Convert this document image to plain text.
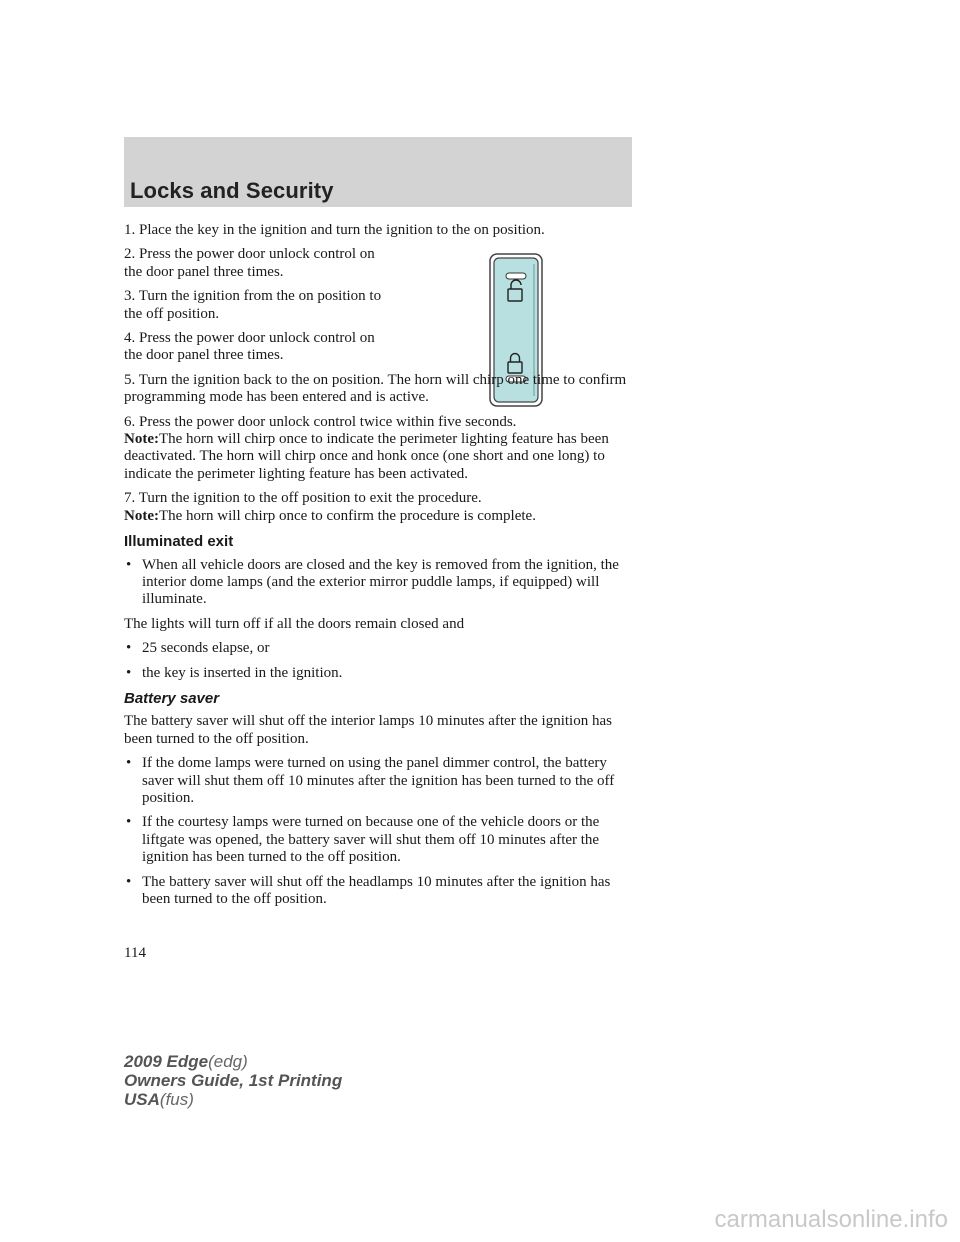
Locks and Security

1. Place the key in the ignition and turn the ignition to the on position.

2. Press the power door unlock control on the door panel three times.

3. Turn the ignition from the on position to the off position.

4. Press the power door unlock control on the door panel three times.

5. Turn the ignition back to the on position. The horn will chirp one time to confirm programming mode has been entered and is active.

6. Press the power door unlock control twice within five seconds.

Note:The horn will chirp once to indicate the perimeter lighting feature has been deactivated. The horn will chirp once and honk once (one short and one long) to indicate the perimeter lighting feature has been activated.

7. Turn the ignition to the off position to exit the procedure.

Note:The horn will chirp once to confirm the procedure is complete.

Illuminated exit
• When all vehicle doors are closed and the key is removed from the ignition, the interior dome lamps (and the exterior mirror puddle lamps, if equipped) will illuminate.

The lights will turn off if all the doors remain closed and

• 25 seconds elapse, or
• the key is inserted in the ignition.
Battery saver

The battery saver will shut off the interior lamps 10 minutes after the ignition has been turned to the off position.

• If the dome lamps were turned on using the panel dimmer control, the battery saver will shut them off 10 minutes after the ignition has been turned to the off position.
• If the courtesy lamps were turned on because one of the vehicle doors or the liftgate was opened, the battery saver will shut them off 10 minutes after the ignition has been turned to the off position.
• The battery saver will shut off the headlamps 10 minutes after the ignition has been turned to the off position.
114
2009 Edge(edg)
Owners Guide, 1st Printing
USA(fus)
carmanualsonline.info
